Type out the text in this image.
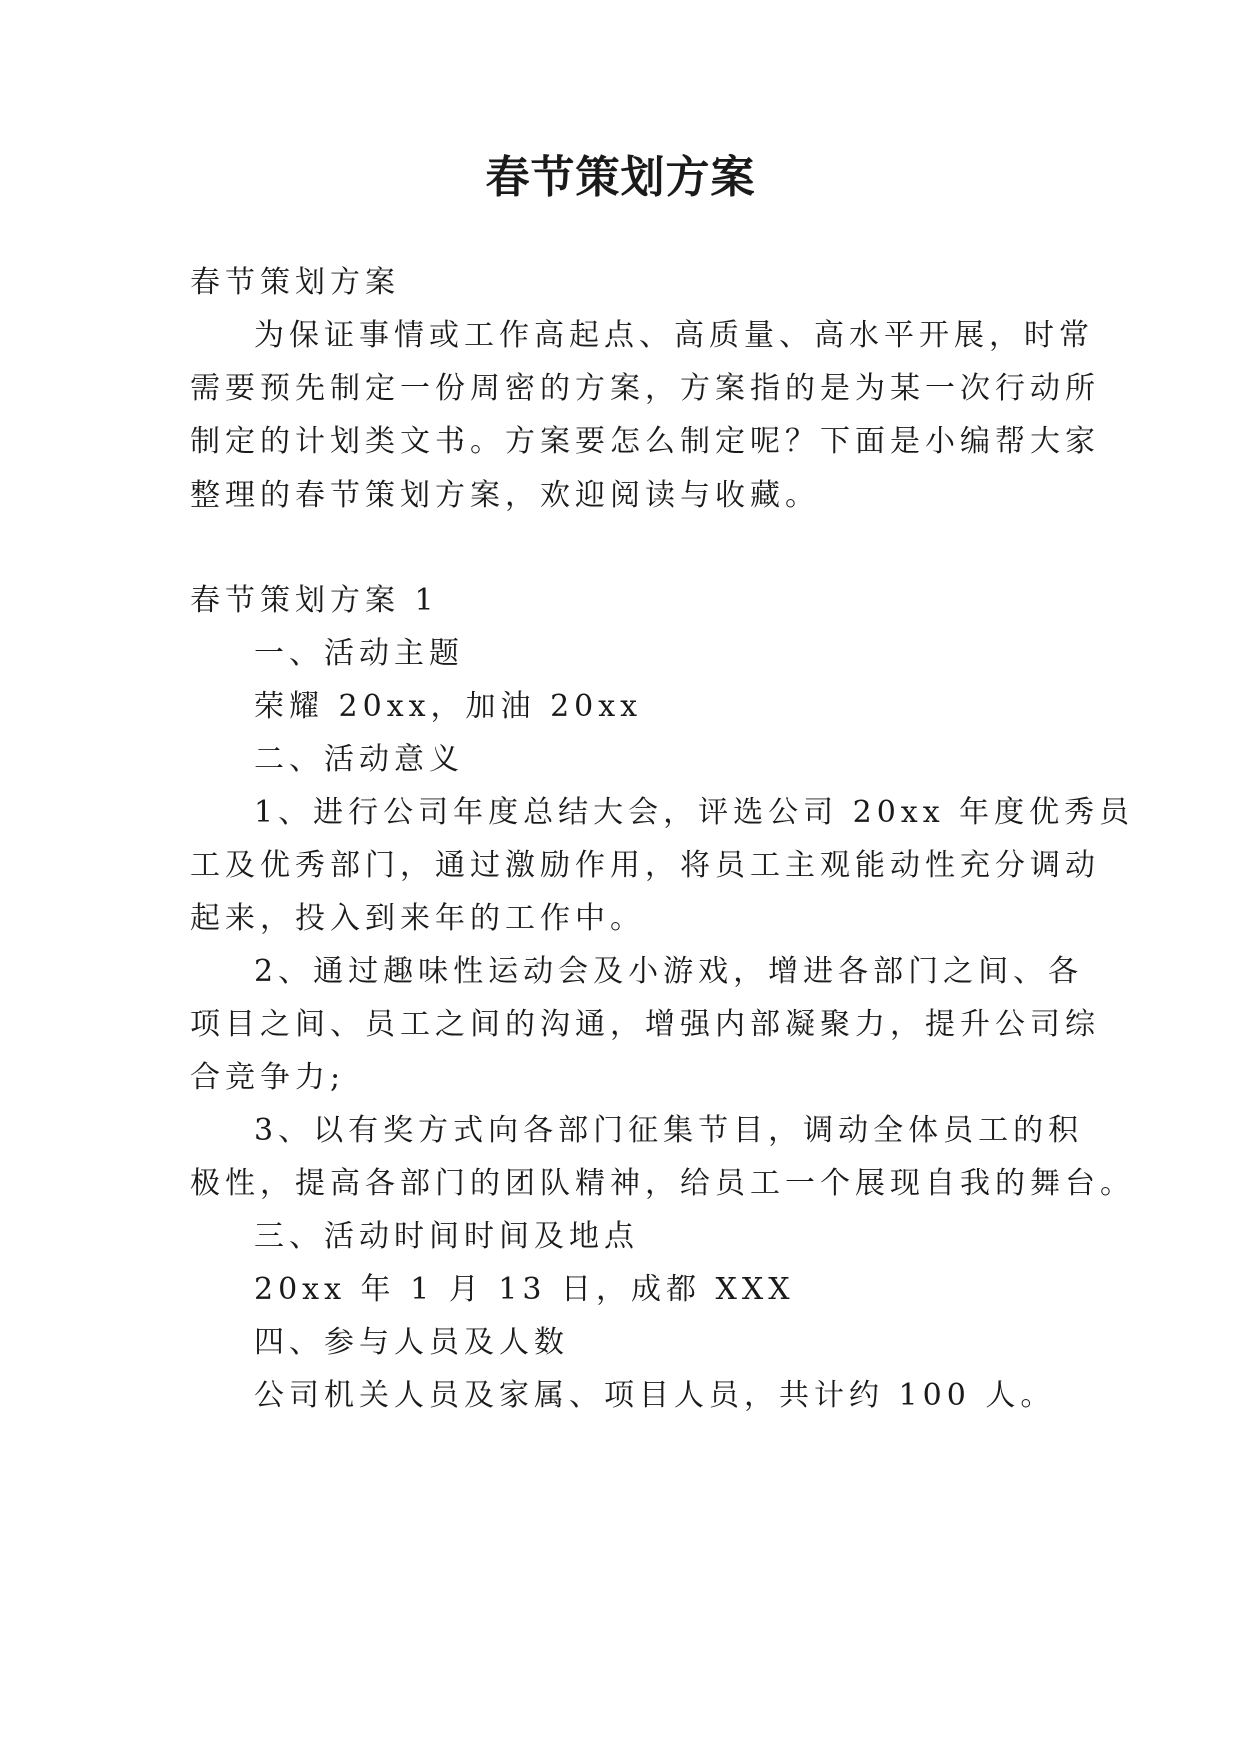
春节策划方案

春节策划方案

为保证事情或工作高起点、高质量、高水平开展，时常

需要预先制定一份周密的方案，方案指的是为某一次行动所

制定的计划类文书。方案要怎么制定呢？下面是小编帮大家

整理的春节策划方案，欢迎阅读与收藏。

春节策划方案 1

一、活动主题

荣耀 20xx，加油 20xx

二、活动意义

1、进行公司年度总结大会，评选公司 20xx 年度优秀员

工及优秀部门，通过激励作用，将员工主观能动性充分调动

起来，投入到来年的工作中。

2、通过趣味性运动会及小游戏，增进各部门之间、各

项目之间、员工之间的沟通，增强内部凝聚力，提升公司综

合竞争力;

3、以有奖方式向各部门征集节目，调动全体员工的积

极性，提高各部门的团队精神，给员工一个展现自我的舞台。

三、活动时间时间及地点

20xx 年 1 月 13 日，成都 XXX

四、参与人员及人数

公司机关人员及家属、项目人员，共计约 100 人。
